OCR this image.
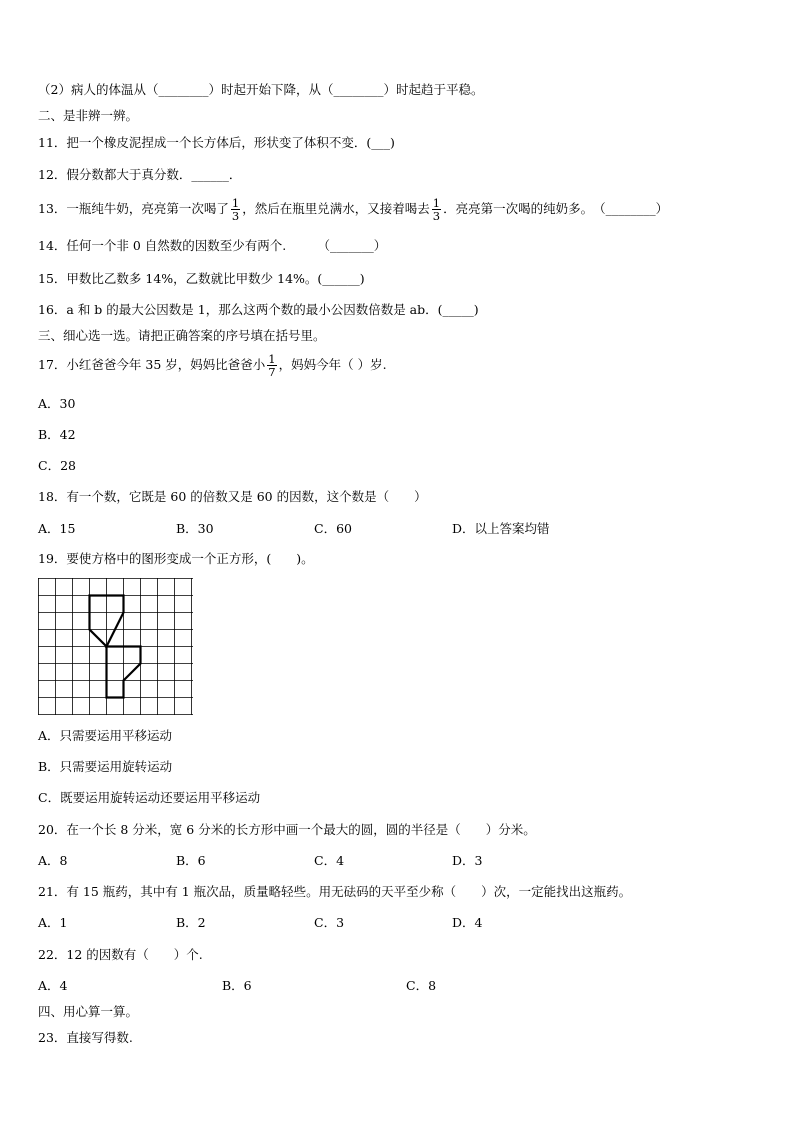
（2）病人的体温从（________）时起开始下降，从（________）时起趋于平稳。
二、是非辨一辨。
11．把一个橡皮泥捏成一个长方体后，形状变了体积不变．(___)
12．假分数都大于真分数．______．
13．一瓶纯牛奶，亮亮第一次喝了 $\frac{1}{3}$ ，然后在瓶里兑满水，又接着喝去 $\frac{1}{3}$ ．亮亮第一次喝的纯奶多。　（________）
14．任何一个非 0 自然数的因数至少有两个.　　　（_______）
15．甲数比乙数多 14%，乙数就比甲数少 14%。(______)
16．a 和 b 的最大公因数是 1，那么这两个数的最小公因数倍数是 ab．(_____)
三、细心选一选。请把正确答案的序号填在括号里。
17．小红爸爸今年 35 岁，妈妈比爸爸小 $\frac{1}{7}$ ，妈妈今年（ ）岁.
A．30
B．42
C．28
18．有一个数，它既是 60 的倍数又是 60 的因数，这个数是（　　）
A．15	B．30	C．60	D．以上答案均错
19．要使方格中的图形变成一个正方形，(　　)。
A．只需要运用平移运动
B．只需要运用旋转运动
C．既要运用旋转运动还要运用平移运动
20．在一个长 8 分米，宽 6 分米的长方形中画一个最大的圆，圆的半径是（　　）分米。
A．8	B．6	C．4	D．3
21．有 15 瓶药，其中有 1 瓶次品，质量略轻些。用无砝码的天平至少称（　　）次，一定能找出这瓶药。
A．1	B．2	C．3	D．4
22．12 的因数有（　　）个.
A．4	B．6	C．8
四、用心算一算。
23．直接写得数.
